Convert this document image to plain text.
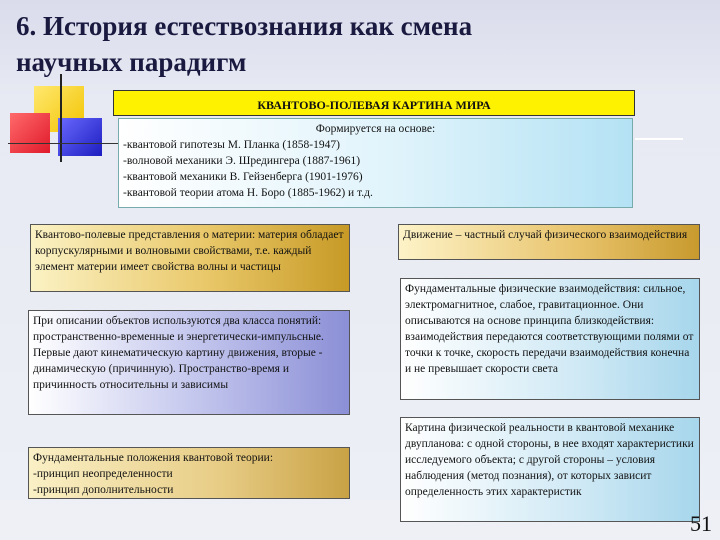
6. История естествознания как смена
научных парадигм
КВАНТОВО-ПОЛЕВАЯ КАРТИНА МИРА
Формируется на основе:
-квантовой гипотезы М. Планка (1858-1947)
-волновой механики Э. Шредингера (1887-1961)
-квантовой механики В. Гейзенберга (1901-1976)
-квантовой теории атома Н. Боро (1885-1962) и т.д.
Квантово-полевые представления о материи: материя обладает корпускулярными и волновыми свойствами, т.е. каждый элемент материи имеет свойства волны и частицы
При описании объектов используются два класса понятий: пространственно-временные и энергетически-импульсные. Первые дают кинематическую картину движения, вторые - динамическую (причинную). Пространство-время и причинность относительны и зависимы
Фундаментальные положения квантовой теории:
-принцип неопределенности
-принцип дополнительности
Движение – частный случай физического взаимодействия
Фундаментальные физические взаимодействия: сильное, электромагнитное, слабое, гравитационное. Они описываются на основе принципа близкодействия: взаимодействия передаются соответствующими полями от точки к точке, скорость передачи взаимодействия конечна и не превышает скорости света
Картина физической реальности в квантовой механике двупланова: с одной стороны, в нее входят характеристики исследуемого объекта; с другой стороны – условия наблюдения (метод познания), от которых зависит определенность этих характеристик
51
